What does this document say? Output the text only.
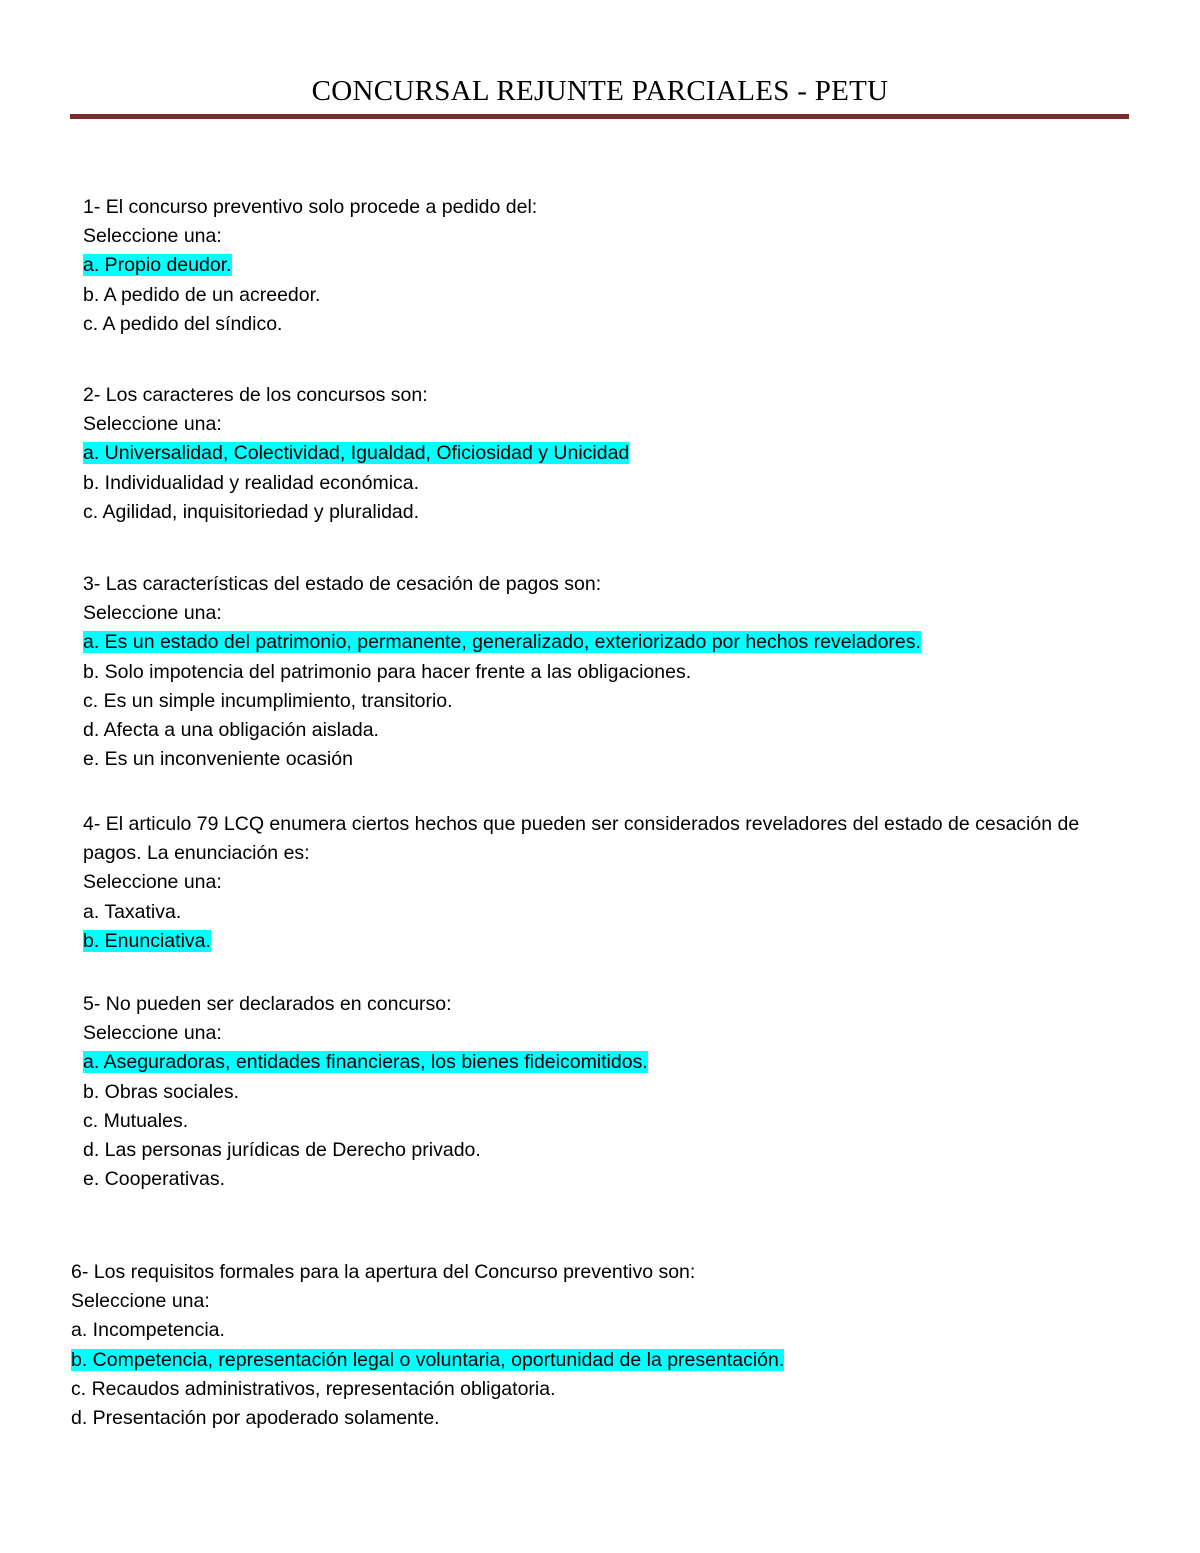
CONCURSAL REJUNTE PARCIALES - PETU
1- El concurso preventivo solo procede a pedido del:
Seleccione una:
a. Propio deudor.
b. A pedido de un acreedor.
c. A pedido del síndico.
2- Los caracteres de los concursos son:
Seleccione una:
a. Universalidad, Colectividad, Igualdad, Oficiosidad y Unicidad
b. Individualidad y realidad económica.
c. Agilidad, inquisitoriedad y pluralidad.
3- Las características del estado de cesación de pagos son:
Seleccione una:
a. Es un estado del patrimonio, permanente, generalizado, exteriorizado por hechos reveladores.
b. Solo impotencia del patrimonio para hacer frente a las obligaciones.
c. Es un simple incumplimiento, transitorio.
d. Afecta a una obligación aislada.
e. Es un inconveniente ocasión
4- El articulo 79 LCQ enumera ciertos hechos que pueden ser considerados reveladores del estado de cesación de pagos. La enunciación es:
Seleccione una:
a. Taxativa.
b. Enunciativa.
5- No pueden ser declarados en concurso:
Seleccione una:
a. Aseguradoras, entidades financieras, los bienes fideicomitidos.
b. Obras sociales.
c. Mutuales.
d. Las personas jurídicas de Derecho privado.
e. Cooperativas.
6- Los requisitos formales para la apertura del Concurso preventivo son:
Seleccione una:
a. Incompetencia.
b. Competencia, representación legal o voluntaria, oportunidad de la presentación.
c. Recaudos administrativos, representación obligatoria.
d. Presentación por apoderado solamente.
